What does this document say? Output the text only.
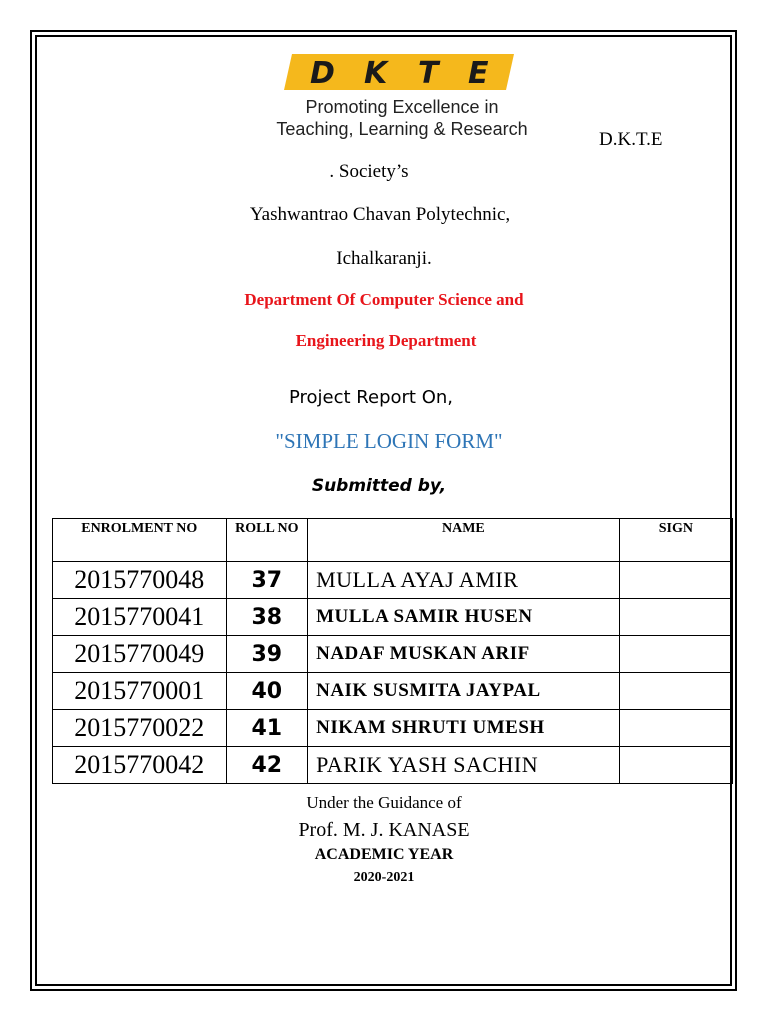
D K T E
Promoting Excellence in
Teaching, Learning & Research	D.K.T.E
. Society’s
Yashwantrao Chavan Polytechnic,
Ichalkaranji.
Department Of Computer Science and
Engineering Department
Project Report On,
"SIMPLE LOGIN FORM"
Submitted by,
ENROLMENT NO	ROLL NO	NAME	SIGN
2015770048	37	MULLA AYAJ AMIR	
2015770041	38	MULLA SAMIR HUSEN	
2015770049	39	NADAF MUSKAN ARIF	
2015770001	40	NAIK SUSMITA JAYPAL	
2015770022	41	NIKAM SHRUTI UMESH	
2015770042	42	PARIK YASH SACHIN	
Under the Guidance of
Prof. M. J. KANASE
ACADEMIC YEAR
2020-2021
